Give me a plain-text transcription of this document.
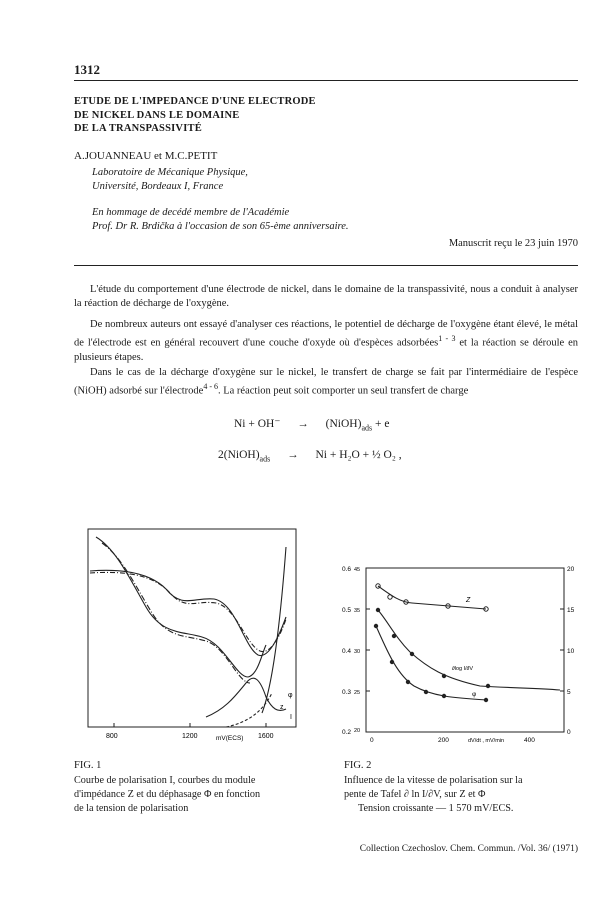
1312
ETUDE DE L'IMPEDANCE D'UNE ELECTRODE
DE NICKEL DANS LE DOMAINE
DE LA TRANSPASSIVITÉ
A.JOUANNEAU et M.C.PETIT
Laboratoire de Mécanique Physique,
Université, Bordeaux I, France
En hommage de decédé membre de l'Académie
Prof. Dr R. Brdička à l'occasion de son 65-ème anniversaire.
Manuscrit reçu le 23 juin 1970
L'étude du comportement d'une électrode de nickel, dans le domaine de la transpassivité, nous a conduit à analyser la réaction de décharge de l'oxygène.
De nombreux auteurs ont essayé d'analyser ces réactions, le potentiel de décharge de l'oxygène étant élevé, le métal de l'électrode est en général recouvert d'une couche d'oxyde où d'espèces adsorbées$^{1 - 3}$ et la réaction se déroule en plusieurs étapes.
Dans le cas de la décharge d'oxygène sur le nickel, le transfert de charge se fait par l'intermédiaire de l'espèce (NiOH) adsorbé sur l'électrode$^{4 - 6}$. La réaction peut soit comporter un seul transfert de charge
$Ni + OH^- \to (NiOH)_{ads} + e$
$2(NiOH)_{ads} \to Ni + H_2O$ + ½ O₂ ,
800	1200	mV(ECS) 1600
φ
z
I
FIG. 1
Courbe de polarisation I, courbes du module
d'impédance Z et du déphasage Φ en fonction
de la tension de polarisation
0.6
0.5
0.4
0.3
0.2
45
35
30
25
20
20
15
10
5
0
0	200	400
dV/dt , mV/min
Z
∂log I/∂V
φ
FIG. 2
Influence de la vitesse de polarisation sur la
pente de Tafel ∂ ln I/∂V, sur Z et Φ
Tension croissante — 1 570 mV/ECS.
Collection Czechoslov. Chem. Commun. /Vol. 36/ (1971)
